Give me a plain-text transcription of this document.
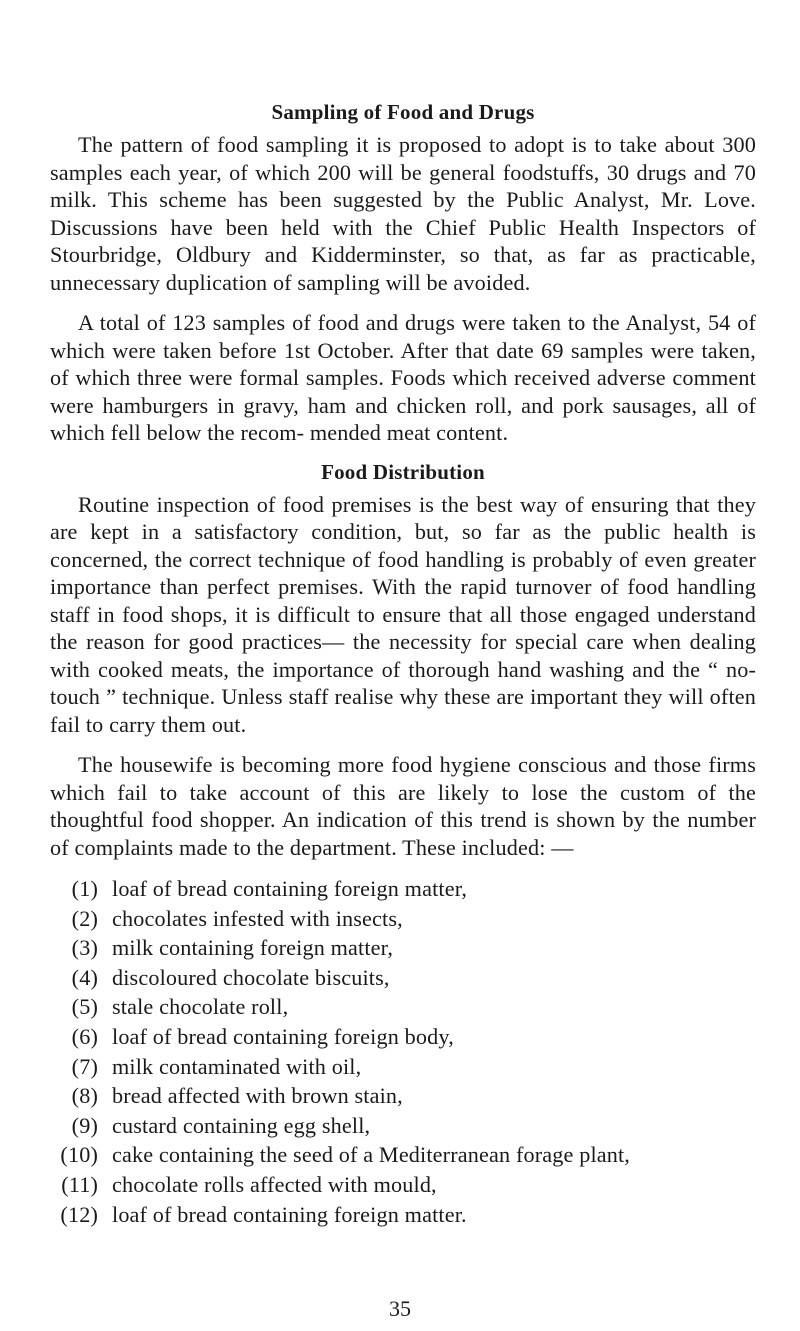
Sampling of Food and Drugs

The pattern of food sampling it is proposed to adopt is to take about 300 samples each year, of which 200 will be general foodstuffs, 30 drugs and 70 milk. This scheme has been suggested by the Public Analyst, Mr. Love. Discussions have been held with the Chief Public Health Inspectors of Stourbridge, Oldbury and Kidderminster, so that, as far as practicable, unnecessary duplication of sampling will be avoided.

A total of 123 samples of food and drugs were taken to the Analyst, 54 of which were taken before 1st October. After that date 69 samples were taken, of which three were formal samples. Foods which received adverse comment were hamburgers in gravy, ham and chicken roll, and pork sausages, all of which fell below the recom- mended meat content.

Food Distribution

Routine inspection of food premises is the best way of ensuring that they are kept in a satisfactory condition, but, so far as the public health is concerned, the correct technique of food handling is probably of even greater importance than perfect premises. With the rapid turnover of food handling staff in food shops, it is difficult to ensure that all those engaged understand the reason for good practices— the necessity for special care when dealing with cooked meats, the importance of thorough hand washing and the “ no-touch ” technique. Unless staff realise why these are important they will often fail to carry them out.

The housewife is becoming more food hygiene conscious and those firms which fail to take account of this are likely to lose the custom of the thoughtful food shopper. An indication of this trend is shown by the number of complaints made to the department. These included: —

(1) loaf of bread containing foreign matter,
(2) chocolates infested with insects,
(3) milk containing foreign matter,
(4) discoloured chocolate biscuits,
(5) stale chocolate roll,
(6) loaf of bread containing foreign body,
(7) milk contaminated with oil,
(8) bread affected with brown stain,
(9) custard containing egg shell,
(10) cake containing the seed of a Mediterranean forage plant,
(11) chocolate rolls affected with mould,
(12) loaf of bread containing foreign matter.
35
